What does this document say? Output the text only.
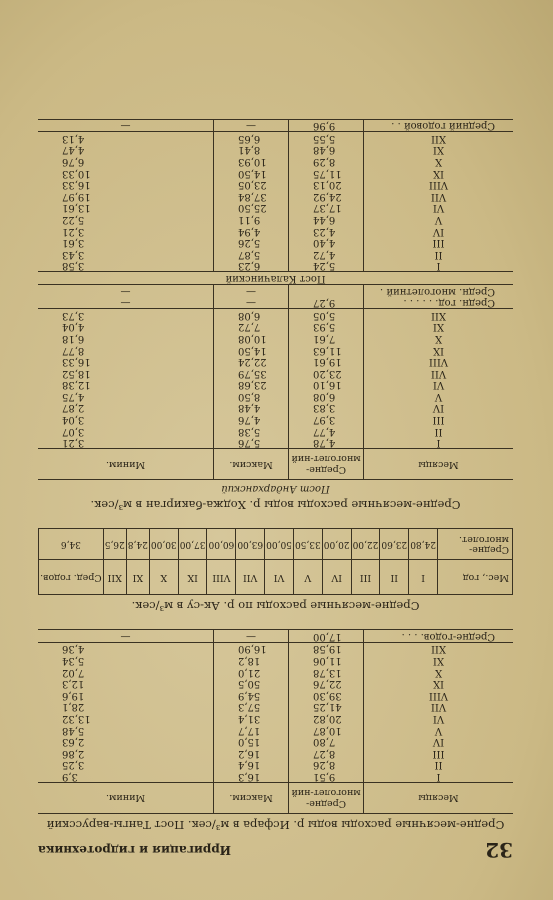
32
Ирригация и гидротехника
Средне-месячные расходы воды р. Исфара в м³/сек. Пост Тангы-варусский
Месяцы	Средне-многолет-ний	Максим.	Миним.
I	9,51	16,3	3,9
II	8,26	16,4	3,25
III	8,27	16,2	2,86
IV	7,80	15,0	2,63
V	10,87	17,7	5,48
VI	20,82	31,4	13,32
VII	41,25	57,3	28,1
VIII	39,30	54,9	19,6
IX	22,76	50,5	12,3
X	13,78	21,0	7,02
XI	11,06	18,2	5,34
XII	19,58	16,90	4,36
Средне-годов. . . .	17,00	—	—
Средне-месячные расходы по р. Ак-су в м³/сек.
Мес., год	I	II	III	IV	V	VI	VII	VIII	IX	X	XI	XII	Сред. годов.
Средне-многолет.	24,80	23,60	22,00	20,00	33,50	50,00	63,00	60,00	37,00	30,00	24,8	26,5	34,6
Средне-месячные расходы воды р. Ходжа-бакирган в м³/сек.
Пост Андарханский
Месяцы	Средне-многолет-ний	Максим.	Миним.
I	4,78	5,76	3,21
II	4,77	5,38	3,07
III	3,97	4,76	3,04
IV	3,83	4,48	2,87
V	6,08	8,50	4,75
VI	16,10	23,68	12,38
VII	23,20	35,79	18,52
VIII	19,61	22,24	16,33
IX	11,63	14,50	8,77
X	7,61	10,08	6,18
XI	5,93	7,72	4,04
XII	5,05	6,08	3,73
Средн. год. . . . . .	9,27	—	—
Средн. многолетний .		—	—
Пост Калачинский			
I	5,24	6,23	3,58
II	4,72	5,87	3,43
III	4,40	5,26	3,61
IV	4,23	4,94	3,21
V	6,44	9,11	5,22
VI	17,37	25,50	13,61
VII	24,92	37,84	19,97
VIII	20,13	23,05	16,33
IX	11,75	14,50	10,33
X	8,29	10,93	6,76
XI	6,48	8,41	4,47
XII	5,55	6,65	4,13
Средний годовой . .	9,96	—	—
